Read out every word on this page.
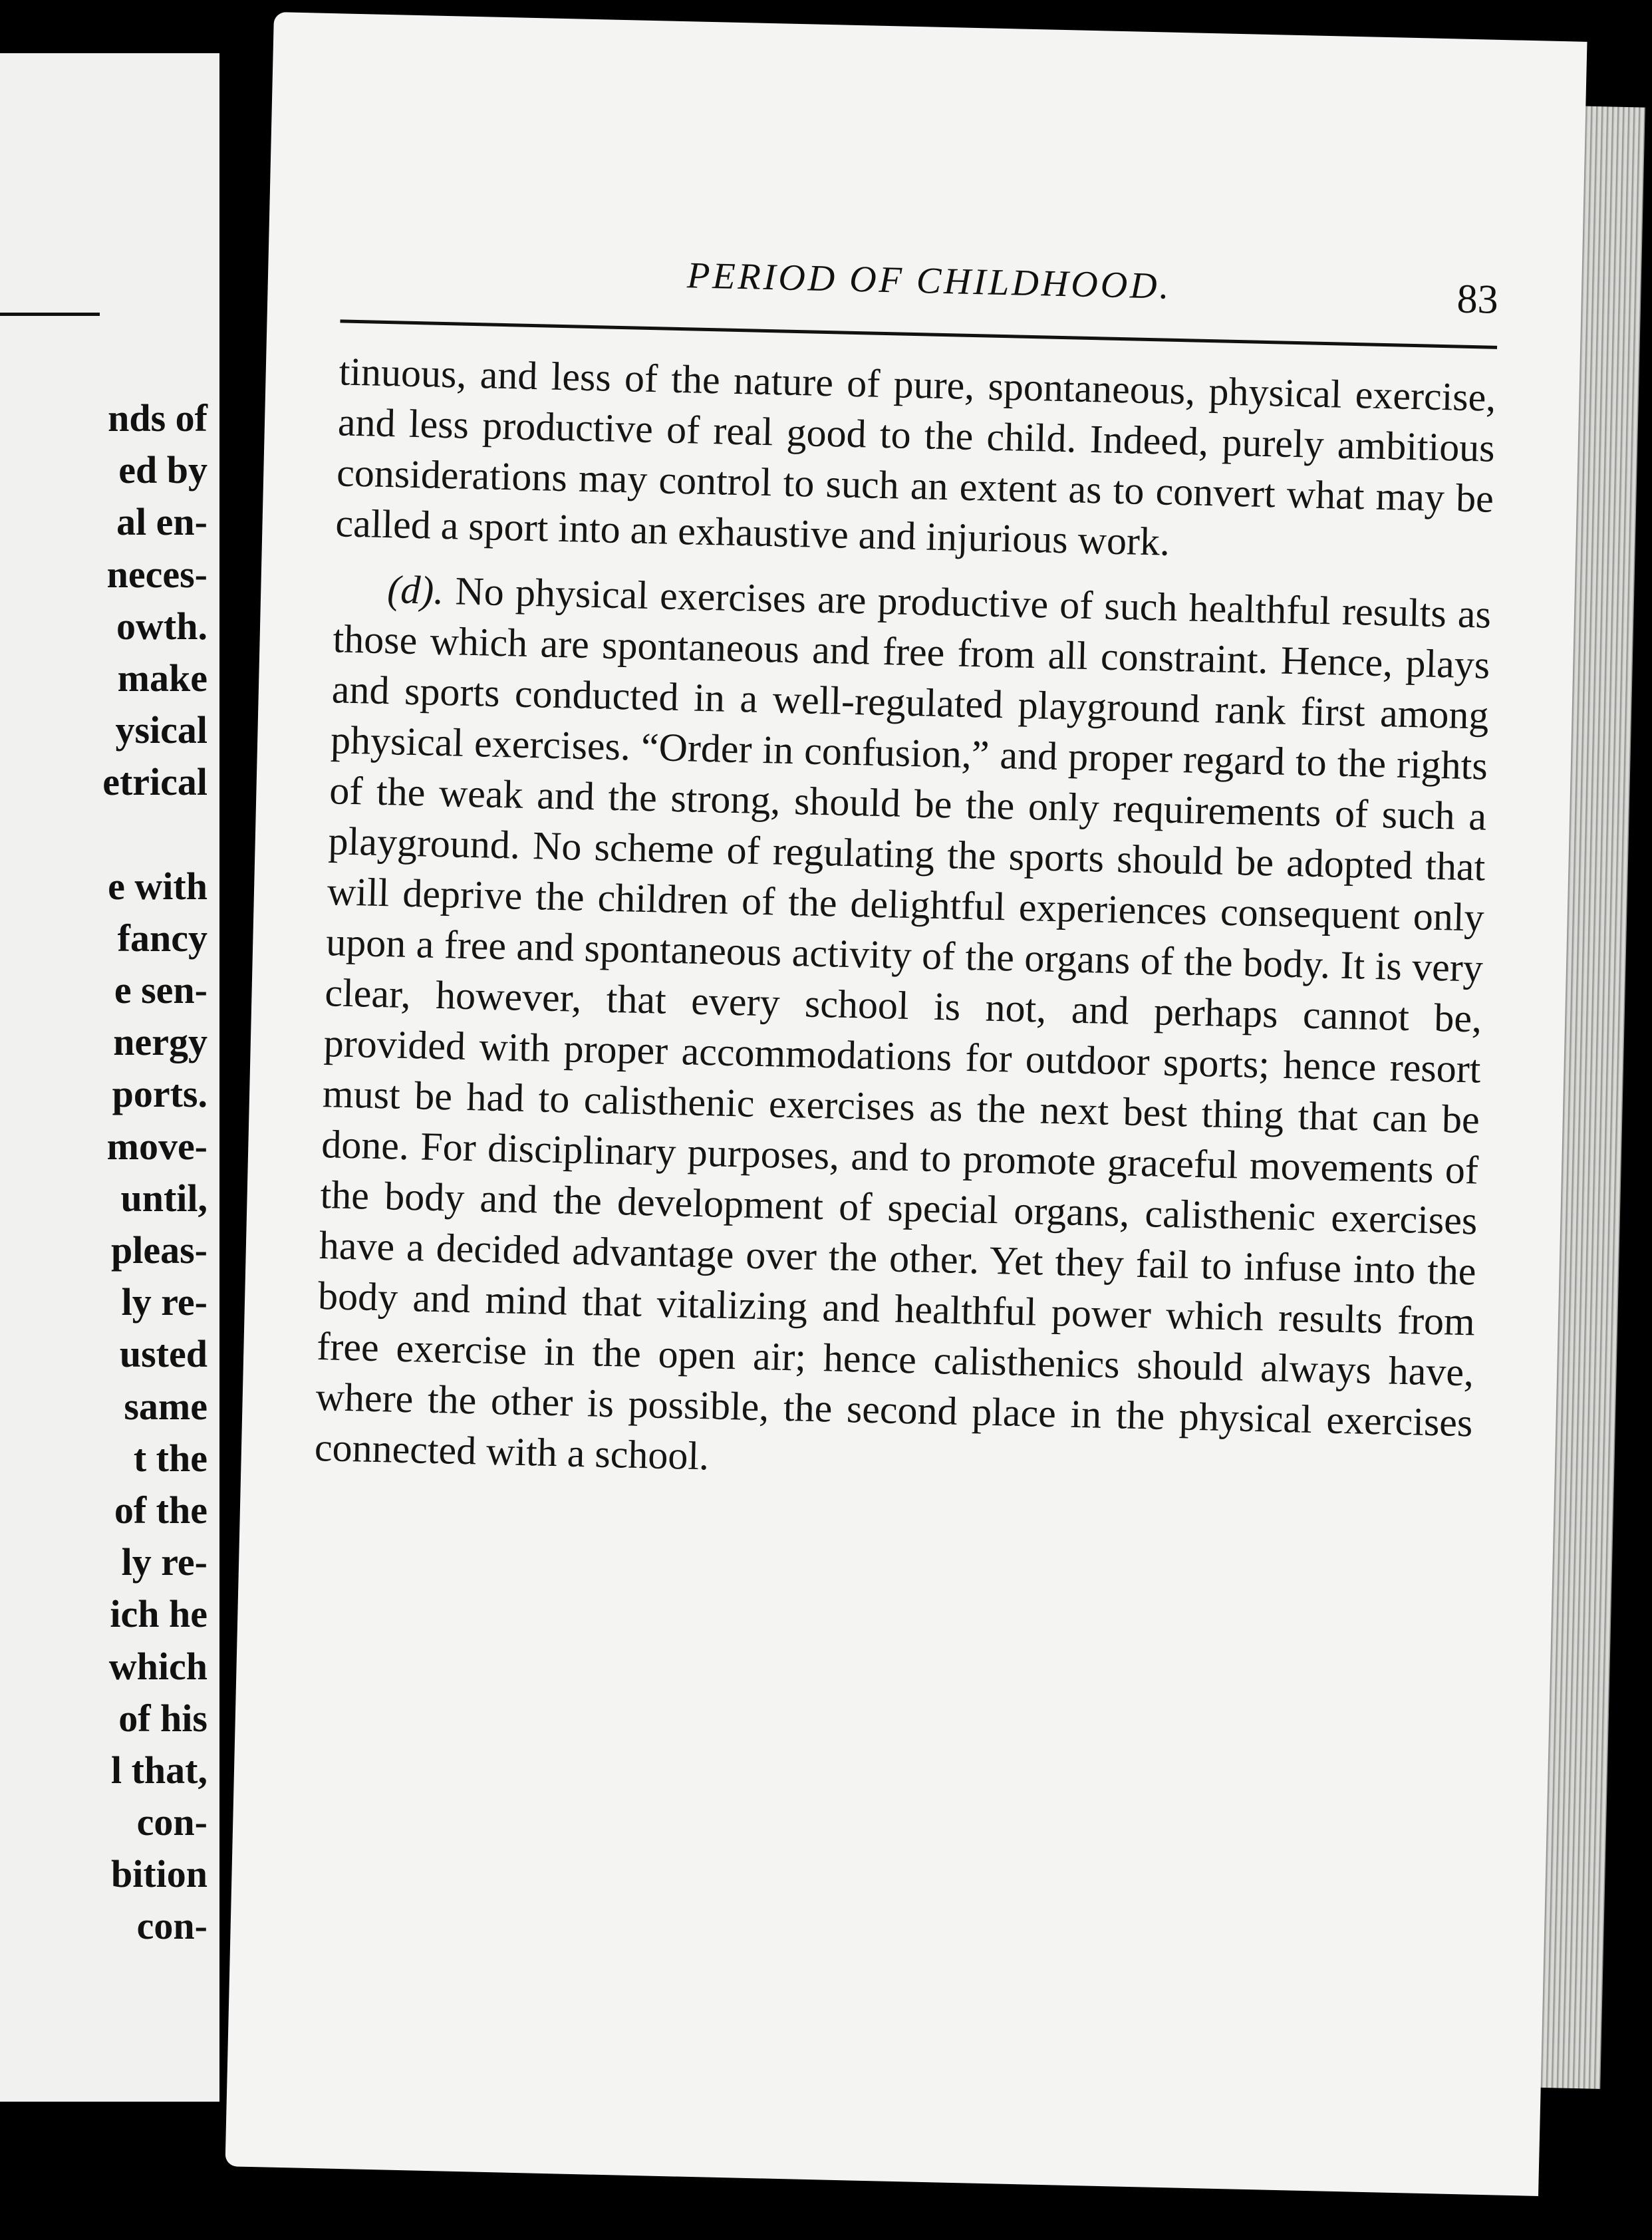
nds of
ed by
al en-
neces-
owth.
make
ysical
etrical
e with
fancy
e sen-
nergy
ports.
move-
until,
pleas-
ly re-
usted
same
t the
of the
ly re-
ich he
which
of his
l that,
con-
bition
con-
PERIOD OF CHILDHOOD.	83

tinuous, and less of the nature of pure, spontaneous, physical exercise, and less productive of real good to the child. Indeed, purely ambitious considerations may control to such an extent as to convert what may be called a sport into an exhaustive and injurious work.

(d). No physical exercises are productive of such healthful results as those which are spontaneous and free from all constraint. Hence, plays and sports conducted in a well-regulated playground rank first among physical exercises. “Order in confusion,” and proper regard to the rights of the weak and the strong, should be the only requirements of such a playground. No scheme of regulating the sports should be adopted that will deprive the children of the delightful experiences consequent only upon a free and spontaneous activity of the organs of the body. It is very clear, however, that every school is not, and perhaps cannot be, provided with proper accommodations for outdoor sports; hence resort must be had to calisthenic exercises as the next best thing that can be done. For disciplinary purposes, and to promote graceful movements of the body and the development of special organs, calisthenic exercises have a decided advantage over the other. Yet they fail to infuse into the body and mind that vitalizing and healthful power which results from free exercise in the open air; hence calisthenics should always have, where the other is possible, the second place in the physical exercises connected with a school.
